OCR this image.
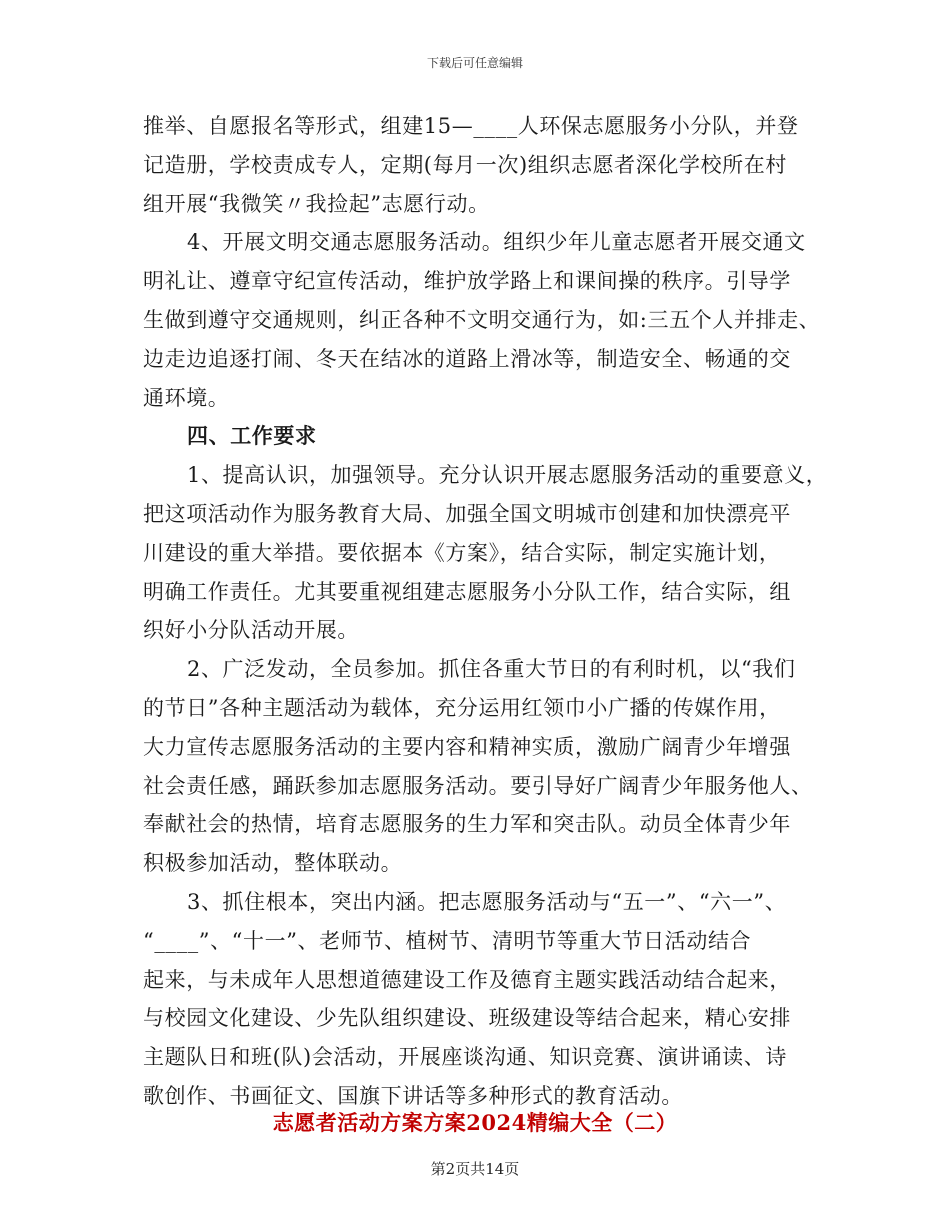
下载后可任意编辑
推举、自愿报名等形式，组建15—____人环保志愿服务小分队，并登
记造册，学校责成专人，定期(每月一次)组织志愿者深化学校所在村
组开展“我微笑〃我捡起”志愿行动。
4、开展文明交通志愿服务活动。组织少年儿童志愿者开展交通文
明礼让、遵章守纪宣传活动，维护放学路上和课间操的秩序。引导学
生做到遵守交通规则，纠正各种不文明交通行为，如:三五个人并排走、
边走边追逐打闹、冬天在结冰的道路上滑冰等，制造安全、畅通的交
通环境。
四、工作要求
1、提高认识，加强领导。充分认识开展志愿服务活动的重要意义，
把这项活动作为服务教育大局、加强全国文明城市创建和加快漂亮平
川建设的重大举措。要依据本《方案》，结合实际，制定实施计划，
明确工作责任。尤其要重视组建志愿服务小分队工作，结合实际，组
织好小分队活动开展。
2、广泛发动，全员参加。抓住各重大节日的有利时机，以“我们
的节日”各种主题活动为载体，充分运用红领巾小广播的传媒作用，
大力宣传志愿服务活动的主要内容和精神实质，激励广阔青少年增强
社会责任感，踊跃参加志愿服务活动。要引导好广阔青少年服务他人、
奉献社会的热情，培育志愿服务的生力军和突击队。动员全体青少年
积极参加活动，整体联动。
3、抓住根本，突出内涵。把志愿服务活动与“五一”、“六一”、
“____”、“十一”、老师节、植树节、清明节等重大节日活动结合
起来，与未成年人思想道德建设工作及德育主题实践活动结合起来，
与校园文化建设、少先队组织建设、班级建设等结合起来，精心安排
主题队日和班(队)会活动，开展座谈沟通、知识竞赛、演讲诵读、诗
歌创作、书画征文、国旗下讲话等多种形式的教育活动。
志愿者活动方案方案2024精编大全（二）
第2页共14页
